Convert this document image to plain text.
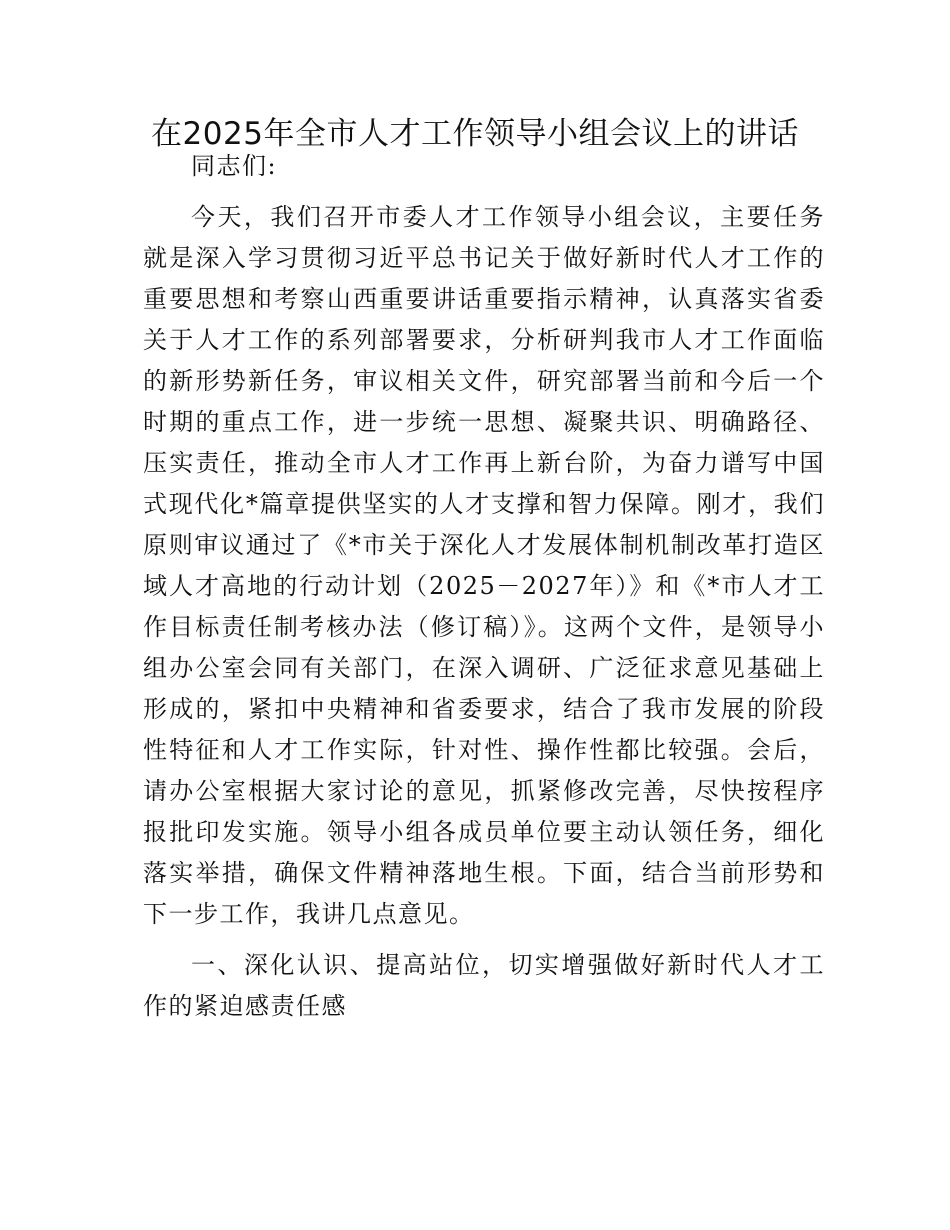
在2025年全市人才工作领导小组会议上的讲话

同志们:

今天，我们召开市委人才工作领导小组会议，主要任务就是深入学习贯彻习近平总书记关于做好新时代人才工作的重要思想和考察山西重要讲话重要指示精神，认真落实省委关于人才工作的系列部署要求，分析研判我市人才工作面临的新形势新任务，审议相关文件，研究部署当前和今后一个时期的重点工作，进一步统一思想、凝聚共识、明确路径、压实责任，推动全市人才工作再上新台阶，为奋力谱写中国式现代化*篇章提供坚实的人才支撑和智力保障。刚才，我们原则审议通过了《*市关于深化人才发展体制机制改革打造区域人才高地的行动计划（2025－2027年）》和《*市人才工作目标责任制考核办法（修订稿）》。这两个文件，是领导小组办公室会同有关部门，在深入调研、广泛征求意见基础上形成的，紧扣中央精神和省委要求，结合了我市发展的阶段性特征和人才工作实际，针对性、操作性都比较强。会后，请办公室根据大家讨论的意见，抓紧修改完善，尽快按程序报批印发实施。领导小组各成员单位要主动认领任务，细化落实举措，确保文件精神落地生根。下面，结合当前形势和下一步工作，我讲几点意见。

一、深化认识、提高站位，切实增强做好新时代人才工作的紧迫感责任感
